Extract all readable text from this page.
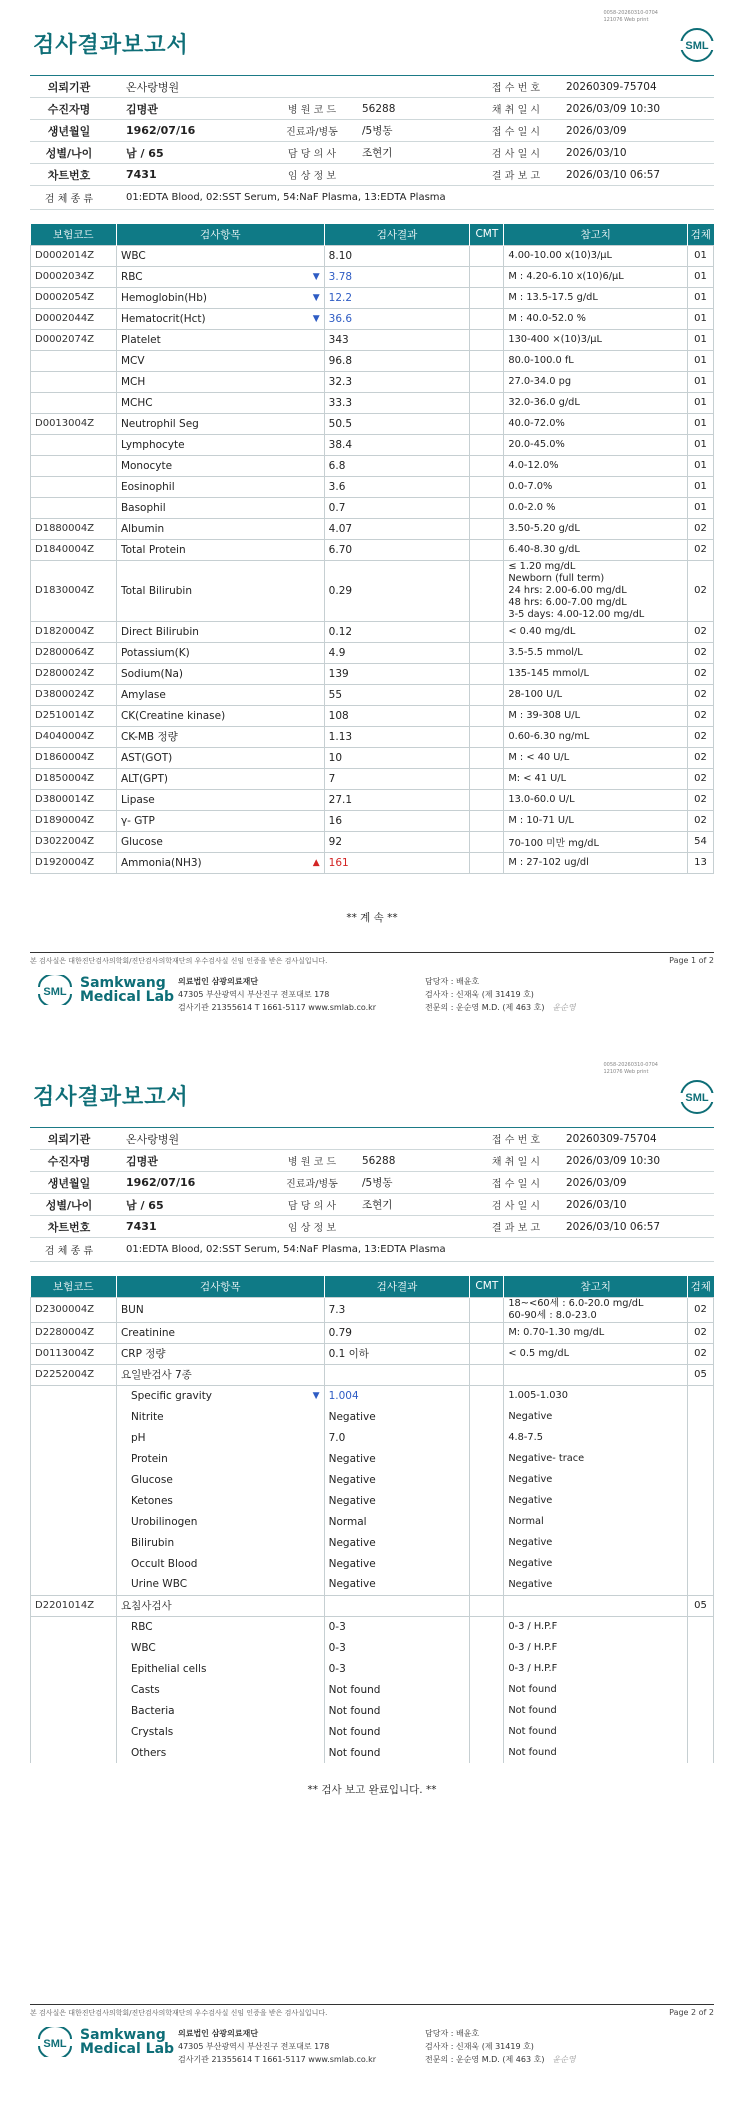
0058-20260310-0704
121076 Web print
검사결과보고서	SML
의뢰기관	온사랑병원	접 수 번 호	20260309-75704
수진자명	김명관	병 원 코 드	56288	채 취 일 시	2026/03/09 10:30
생년월일	1962/07/16	진료과/병동	/5병동	접 수 일 시	2026/03/09
성별/나이	남 / 65	담 당 의 사	조현기	검 사 일 시	2026/03/10
차트번호	7431	임 상 정 보	결 과 보 고	2026/03/10 06:57
검 체 종 류	01:EDTA Blood, 02:SST Serum, 54:NaF Plasma, 13:EDTA Plasma
보험코드	검사항목	검사결과	CMT	참고치	검체
D0002014Z	WBC	8.10		4.00-10.00 x(10)3/µL	01
D0002034Z	RBC ▼	3.78		M : 4.20-6.10 x(10)6/µL	01
D0002054Z	Hemoglobin(Hb) ▼	12.2		M : 13.5-17.5 g/dL	01
D0002044Z	Hematocrit(Hct) ▼	36.6		M : 40.0-52.0 %	01
D0002074Z	Platelet	343		130-400 ×(10)3/µL	01

	MCV	96.8		80.0-100.0 fL	01

	MCH	32.3		27.0-34.0 pg	01

	MCHC	33.3		32.0-36.0 g/dL	01
D0013004Z	Neutrophil Seg	50.5		40.0-72.0%	01

	Lymphocyte	38.4		20.0-45.0%	01

	Monocyte	6.8		4.0-12.0%	01

	Eosinophil	3.6		0.0-7.0%	01

	Basophil	0.7		0.0-2.0 %	01
D1880004Z	Albumin	4.07		3.50-5.20 g/dL	02
D1840004Z	Total Protein	6.70		6.40-8.30 g/dL	02
D1830004Z	Total Bilirubin	0.29		≤ 1.20 mg/dL
Newborn (full term)
24 hrs: 2.00-6.00 mg/dL
48 hrs: 6.00-7.00 mg/dL
3-5 days: 4.00-12.00 mg/dL	02
D1820004Z	Direct Bilirubin	0.12		< 0.40 mg/dL	02
D2800064Z	Potassium(K)	4.9		3.5-5.5 mmol/L	02
D2800024Z	Sodium(Na)	139		135-145 mmol/L	02
D3800024Z	Amylase	55		28-100 U/L	02
D2510014Z	CK(Creatine kinase)	108		M : 39-308 U/L	02
D4040004Z	CK-MB 정량	1.13		0.60-6.30 ng/mL	02
D1860004Z	AST(GOT)	10		M : < 40 U/L	02
D1850004Z	ALT(GPT)	7		M: < 41 U/L	02
D3800014Z	Lipase	27.1		13.0-60.0 U/L	02
D1890004Z	γ- GTP	16		M : 10-71 U/L	02
D3022004Z	Glucose	92		70-100 미만 mg/dL	54
D1920004Z	Ammonia(NH3) ▲	161		M : 27-102 ug/dl	13
** 계 속 **
본 검사실은 대한진단검사의학회/진단검사의학재단의 우수검사실 신임 인증을 받은 검사실입니다.	Page 1 of 2
SML
Samkwang
Medical Lab
의료법인 삼광의료재단
47305 부산광역시 부산진구 전포대로 178
검사기관 21355614 T 1661-5117 www.smlab.co.kr
담당자 : 배윤호
검사자 : 신재욱 (제 31419 호)
전문의 : 운순영 M.D. (제 463 호) 윤순영
0058-20260310-0704
121076 Web print
검사결과보고서	SML
의뢰기관	온사랑병원	접 수 번 호	20260309-75704
수진자명	김명관	병 원 코 드	56288	채 취 일 시	2026/03/09 10:30
생년월일	1962/07/16	진료과/병동	/5병동	접 수 일 시	2026/03/09
성별/나이	남 / 65	담 당 의 사	조현기	검 사 일 시	2026/03/10
차트번호	7431	임 상 정 보	결 과 보 고	2026/03/10 06:57
검 체 종 류	01:EDTA Blood, 02:SST Serum, 54:NaF Plasma, 13:EDTA Plasma
보험코드	검사항목	검사결과	CMT	참고치	검체
D2300004Z	BUN	7.3		18~<60세 : 6.0-20.0 mg/dL
60-90세 : 8.0-23.0	02
D2280004Z	Creatinine	0.79		M: 0.70-1.30 mg/dL	02
D0113004Z	CRP 정량	0.1 이하		< 0.5 mg/dL	02
D2252004Z	요일반검사 7종				05

	Specific gravity ▼	1.004		1.005-1.030	

	Nitrite	Negative		Negative	

	pH	7.0		4.8-7.5	

	Protein	Negative		Negative- trace	

	Glucose	Negative		Negative	

	Ketones	Negative		Negative	

	Urobilinogen	Normal		Normal	

	Bilirubin	Negative		Negative	

	Occult Blood	Negative		Negative	

	Urine WBC	Negative		Negative	
D2201014Z	요침사검사				05

	RBC	0-3		0-3 / H.P.F	

	WBC	0-3		0-3 / H.P.F	

	Epithelial cells	0-3		0-3 / H.P.F	

	Casts	Not found		Not found	

	Bacteria	Not found		Not found	

	Crystals	Not found		Not found	

	Others	Not found		Not found	
** 검사 보고 완료입니다. **
본 검사실은 대한진단검사의학회/진단검사의학재단의 우수검사실 신임 인증을 받은 검사실입니다.	Page 2 of 2
SML
Samkwang
Medical Lab
의료법인 삼광의료재단
47305 부산광역시 부산진구 전포대로 178
검사기관 21355614 T 1661-5117 www.smlab.co.kr
담당자 : 배윤호
검사자 : 신재욱 (제 31419 호)
전문의 : 운순영 M.D. (제 463 호) 윤순영
